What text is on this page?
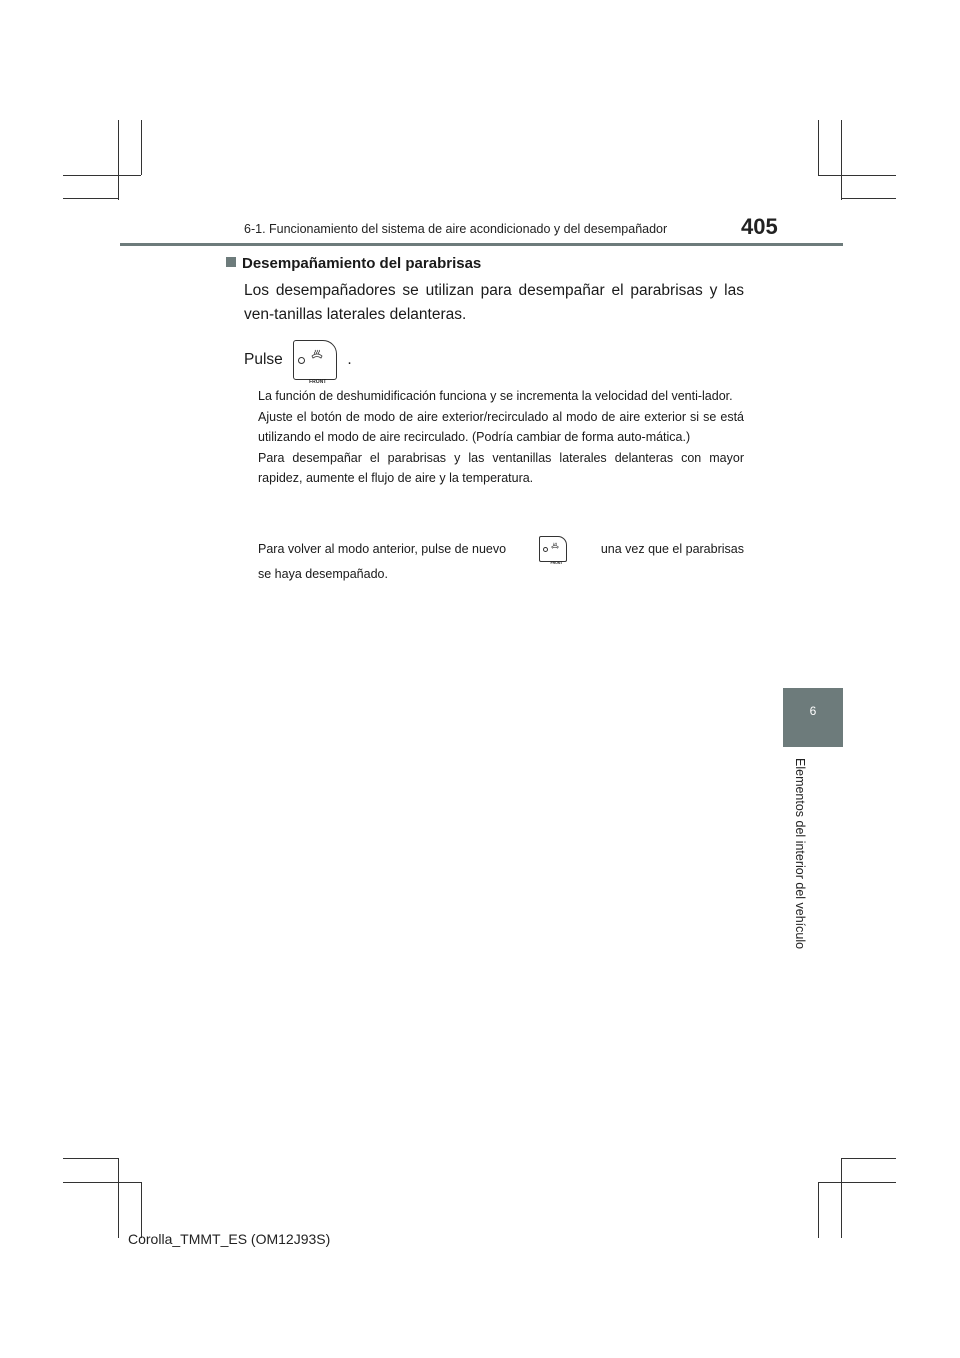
6-1. Funcionamiento del sistema de aire acondicionado y del desempañador	405
6
Elementos del interior del vehículo
Desempañamiento del parabrisas
Los desempañadores se utilizan para desempañar el parabrisas y las ven-tanillas laterales delanteras.
Pulse
FRONT
.

La función de deshumidificación funciona y se incrementa la velocidad del venti-lador.

Ajuste el botón de modo de aire exterior/recirculado al modo de aire exterior si se está utilizando el modo de aire recirculado. (Podría cambiar de forma auto-mática.)

Para desempañar el parabrisas y las ventanillas laterales delanteras con mayor rapidez, aumente el flujo de aire y la temperatura.

Para volver al modo anterior, pulse de nuevo
FRONT
una vez que el parabrisas
se haya desempañado.
Corolla_TMMT_ES (OM12J93S)
